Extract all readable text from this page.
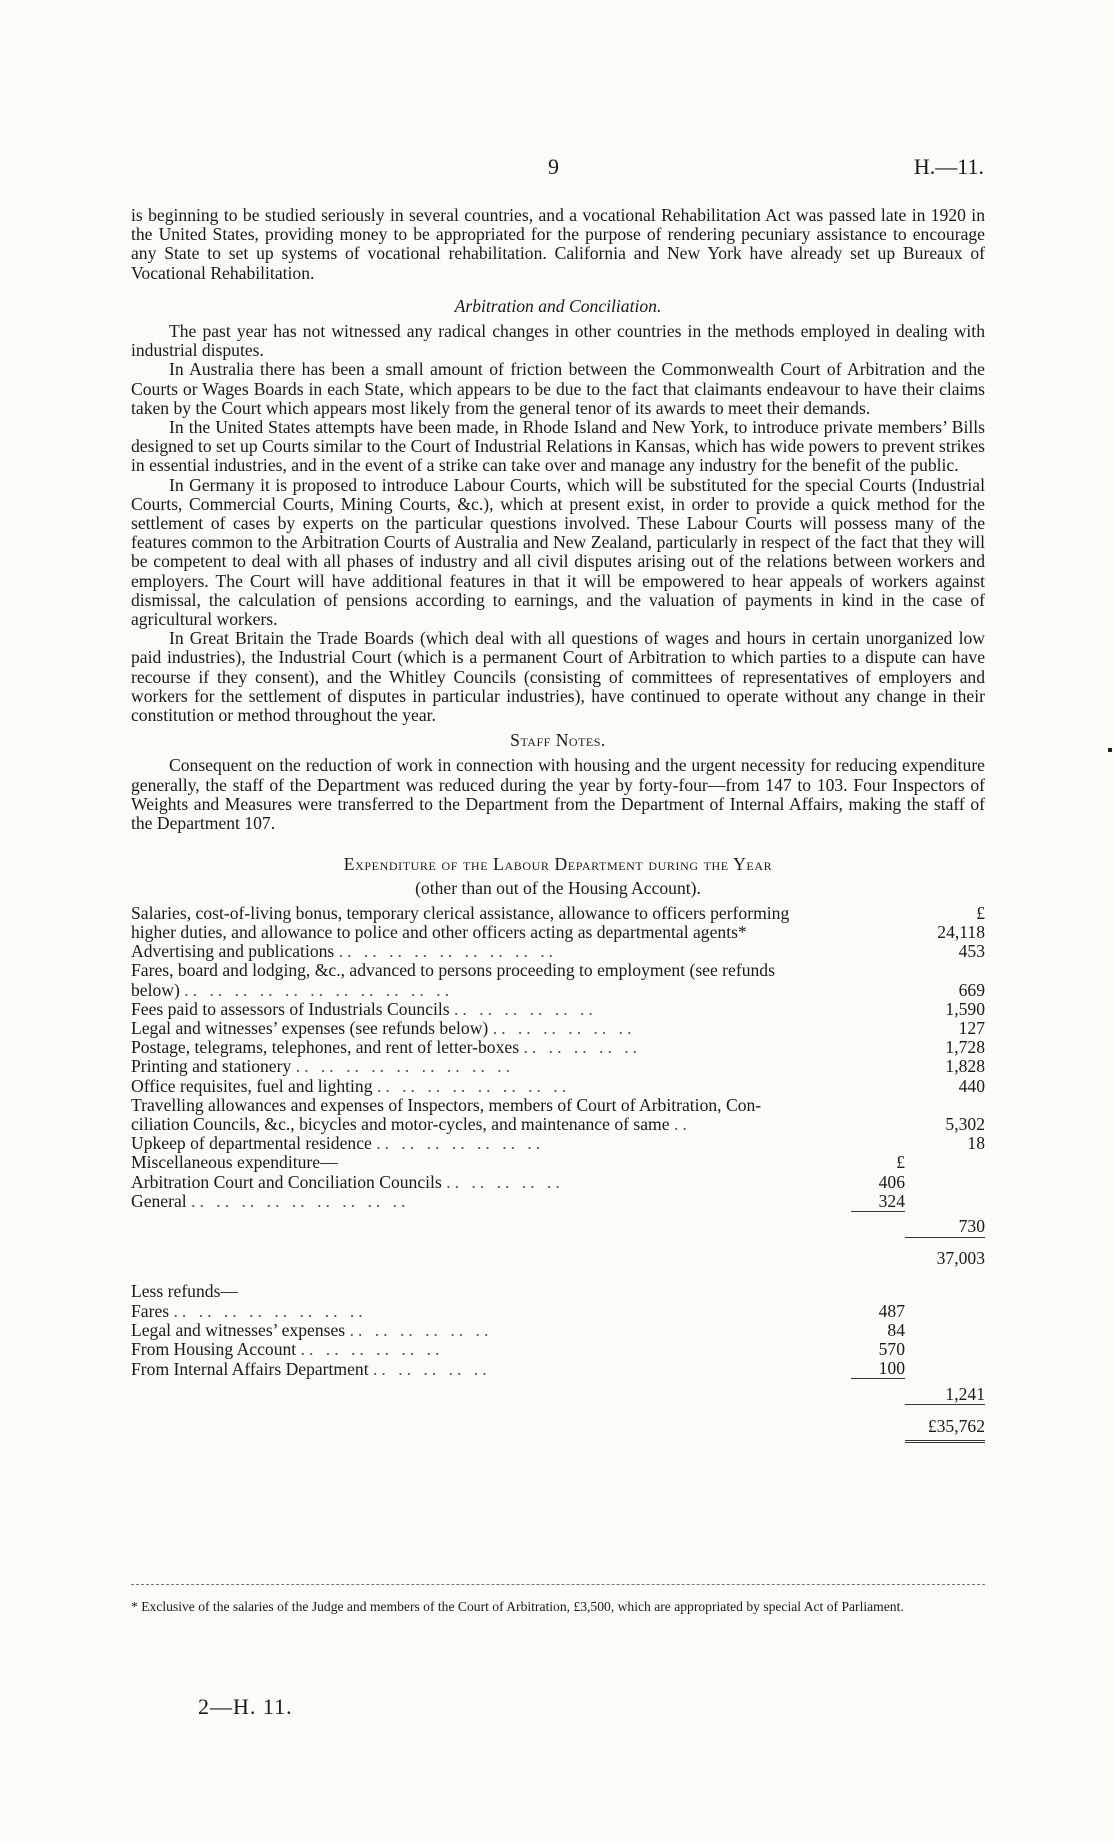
9	H.—11.

is beginning to be studied seriously in several countries, and a vocational Rehabilitation Act was passed late in 1920 in the United States, providing money to be appropriated for the purpose of rendering pecuniary assistance to encourage any State to set up systems of vocational rehabilitation. California and New York have already set up Bureaux of Vocational Rehabilitation.

Arbitration and Conciliation.

The past year has not witnessed any radical changes in other countries in the methods employed in dealing with industrial disputes.

In Australia there has been a small amount of friction between the Commonwealth Court of Arbitration and the Courts or Wages Boards in each State, which appears to be due to the fact that claimants endeavour to have their claims taken by the Court which appears most likely from the general tenor of its awards to meet their demands.

In the United States attempts have been made, in Rhode Island and New York, to introduce private members’ Bills designed to set up Courts similar to the Court of Industrial Relations in Kansas, which has wide powers to prevent strikes in essential industries, and in the event of a strike can take over and manage any industry for the benefit of the public.

In Germany it is proposed to introduce Labour Courts, which will be substituted for the special Courts (Industrial Courts, Commercial Courts, Mining Courts, &c.), which at present exist, in order to provide a quick method for the settlement of cases by experts on the particular questions involved. These Labour Courts will possess many of the features common to the Arbitration Courts of Australia and New Zealand, particularly in respect of the fact that they will be competent to deal with all phases of industry and all civil disputes arising out of the relations between workers and employers. The Court will have additional features in that it will be empowered to hear appeals of workers against dismissal, the calculation of pensions according to earnings, and the valuation of payments in kind in the case of agricultural workers.

In Great Britain the Trade Boards (which deal with all questions of wages and hours in certain unorganized low paid industries), the Industrial Court (which is a permanent Court of Arbitration to which parties to a dispute can have recourse if they consent), and the Whitley Councils (consisting of committees of representatives of employers and workers for the settlement of disputes in particular industries), have continued to operate without any change in their constitution or method throughout the year.

Staff Notes.

Consequent on the reduction of work in connection with housing and the urgent necessity for reducing expenditure generally, the staff of the Department was reduced during the year by forty-four—from 147 to 103. Four Inspectors of Weights and Measures were transferred to the Department from the Department of Internal Affairs, making the staff of the Department 107.

Expenditure of the Labour Department during the Year
(other than out of the Housing Account).
Salaries, cost-of-living bonus, temporary clerical assistance, allowance to officers performing		£
higher duties, and allowance to police and other officers acting as departmental agents*		24,118
Advertising and publications .. .. .. .. .. .. .. .. ..		453
Fares, board and lodging, &c., advanced to persons proceeding to employment (see refunds		
below) .. .. .. .. .. .. .. .. .. .. ..		669
Fees paid to assessors of Industrials Councils .. .. .. .. .. ..		1,590
Legal and witnesses’ expenses (see refunds below) .. .. .. .. .. ..		127
Postage, telegrams, telephones, and rent of letter-boxes .. .. .. .. ..		1,728
Printing and stationery .. .. .. .. .. .. .. .. ..		1,828
Office requisites, fuel and lighting .. .. .. .. .. .. .. ..		440
Travelling allowances and expenses of Inspectors, members of Court of Arbitration, Con-		
ciliation Councils, &c., bicycles and motor-cycles, and maintenance of same ..		5,302
Upkeep of departmental residence .. .. .. .. .. .. ..		18
Miscellaneous expenditure—	£	
Arbitration Court and Conciliation Councils .. .. .. .. ..	406	
General .. .. .. .. .. .. .. .. ..	324	
		730

		37,003

Less refunds—		
Fares .. .. .. .. .. .. .. ..	487	
Legal and witnesses’ expenses .. .. .. .. .. ..	84	
From Housing Account .. .. .. .. .. ..	570	
From Internal Affairs Department .. .. .. .. ..	100	
		1,241

		£35,762
* Exclusive of the salaries of the Judge and members of the Court of Arbitration, £3,500, which are appropriated by special Act of Parliament.
2—H. 11.
